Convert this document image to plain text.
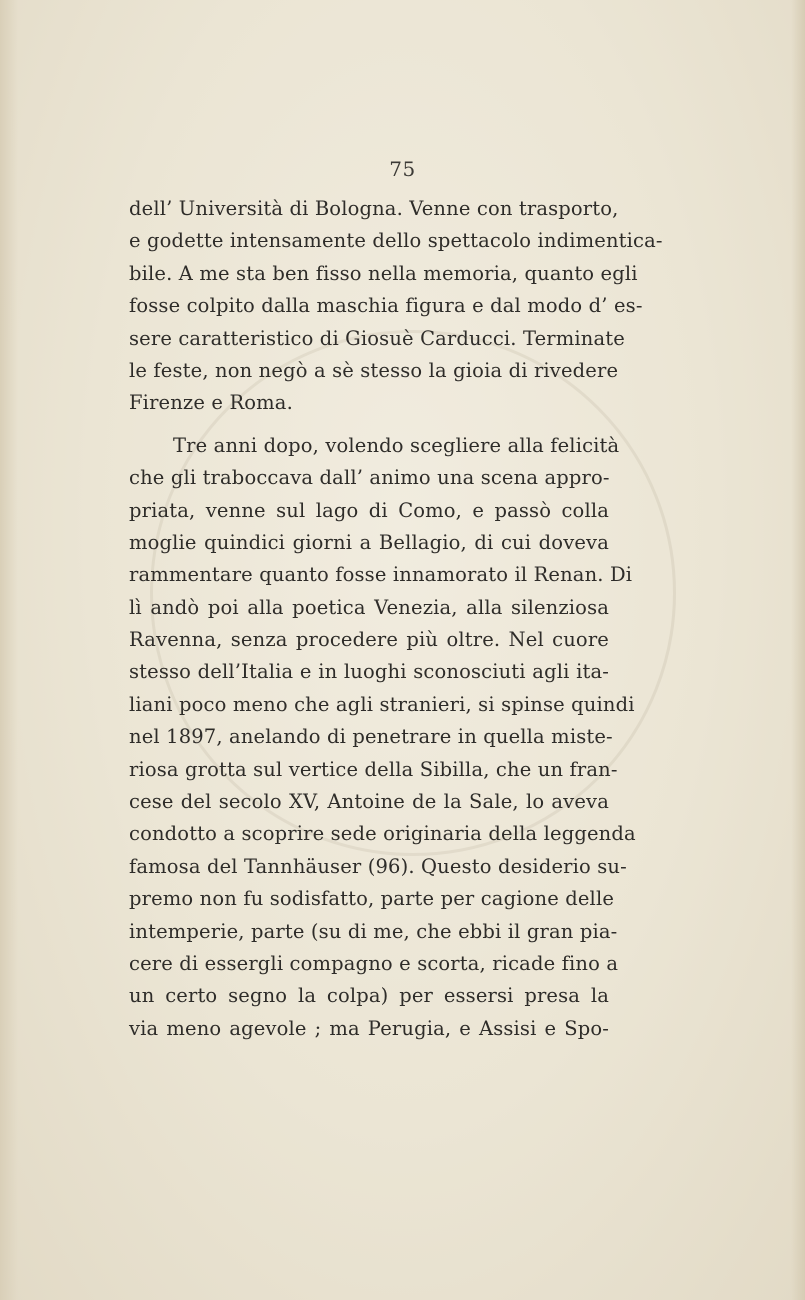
75
dell’ Università di Bologna. Venne con trasporto,
e godette intensamente dello spettacolo indimentica-
bile. A me sta ben fisso nella memoria, quanto egli
fosse colpito dalla maschia figura e dal modo d’ es-
sere caratteristico di Giosuè Carducci. Terminate
le feste, non negò a sè stesso la gioia di rivedere
Firenze e Roma.
Tre anni dopo, volendo scegliere alla felicità
che gli traboccava dall’ animo una scena appro-
priata, venne sul lago di Como, e passò colla
moglie quindici giorni a Bellagio, di cui doveva
rammentare quanto fosse innamorato il Renan. Di
lì andò poi alla poetica Venezia, alla silenziosa
Ravenna, senza procedere più oltre. Nel cuore
stesso dell’Italia e in luoghi sconosciuti agli ita-
liani poco meno che agli stranieri, si spinse quindi
nel 1897, anelando di penetrare in quella miste-
riosa grotta sul vertice della Sibilla, che un fran-
cese del secolo XV, Antoine de la Sale, lo aveva
condotto a scoprire sede originaria della leggenda
famosa del Tannhäuser (96). Questo desiderio su-
premo non fu sodisfatto, parte per cagione delle
intemperie, parte (su di me, che ebbi il gran pia-
cere di essergli compagno e scorta, ricade fino a
un certo segno la colpa) per essersi presa la
via meno agevole ; ma Perugia, e Assisi e Spo-
